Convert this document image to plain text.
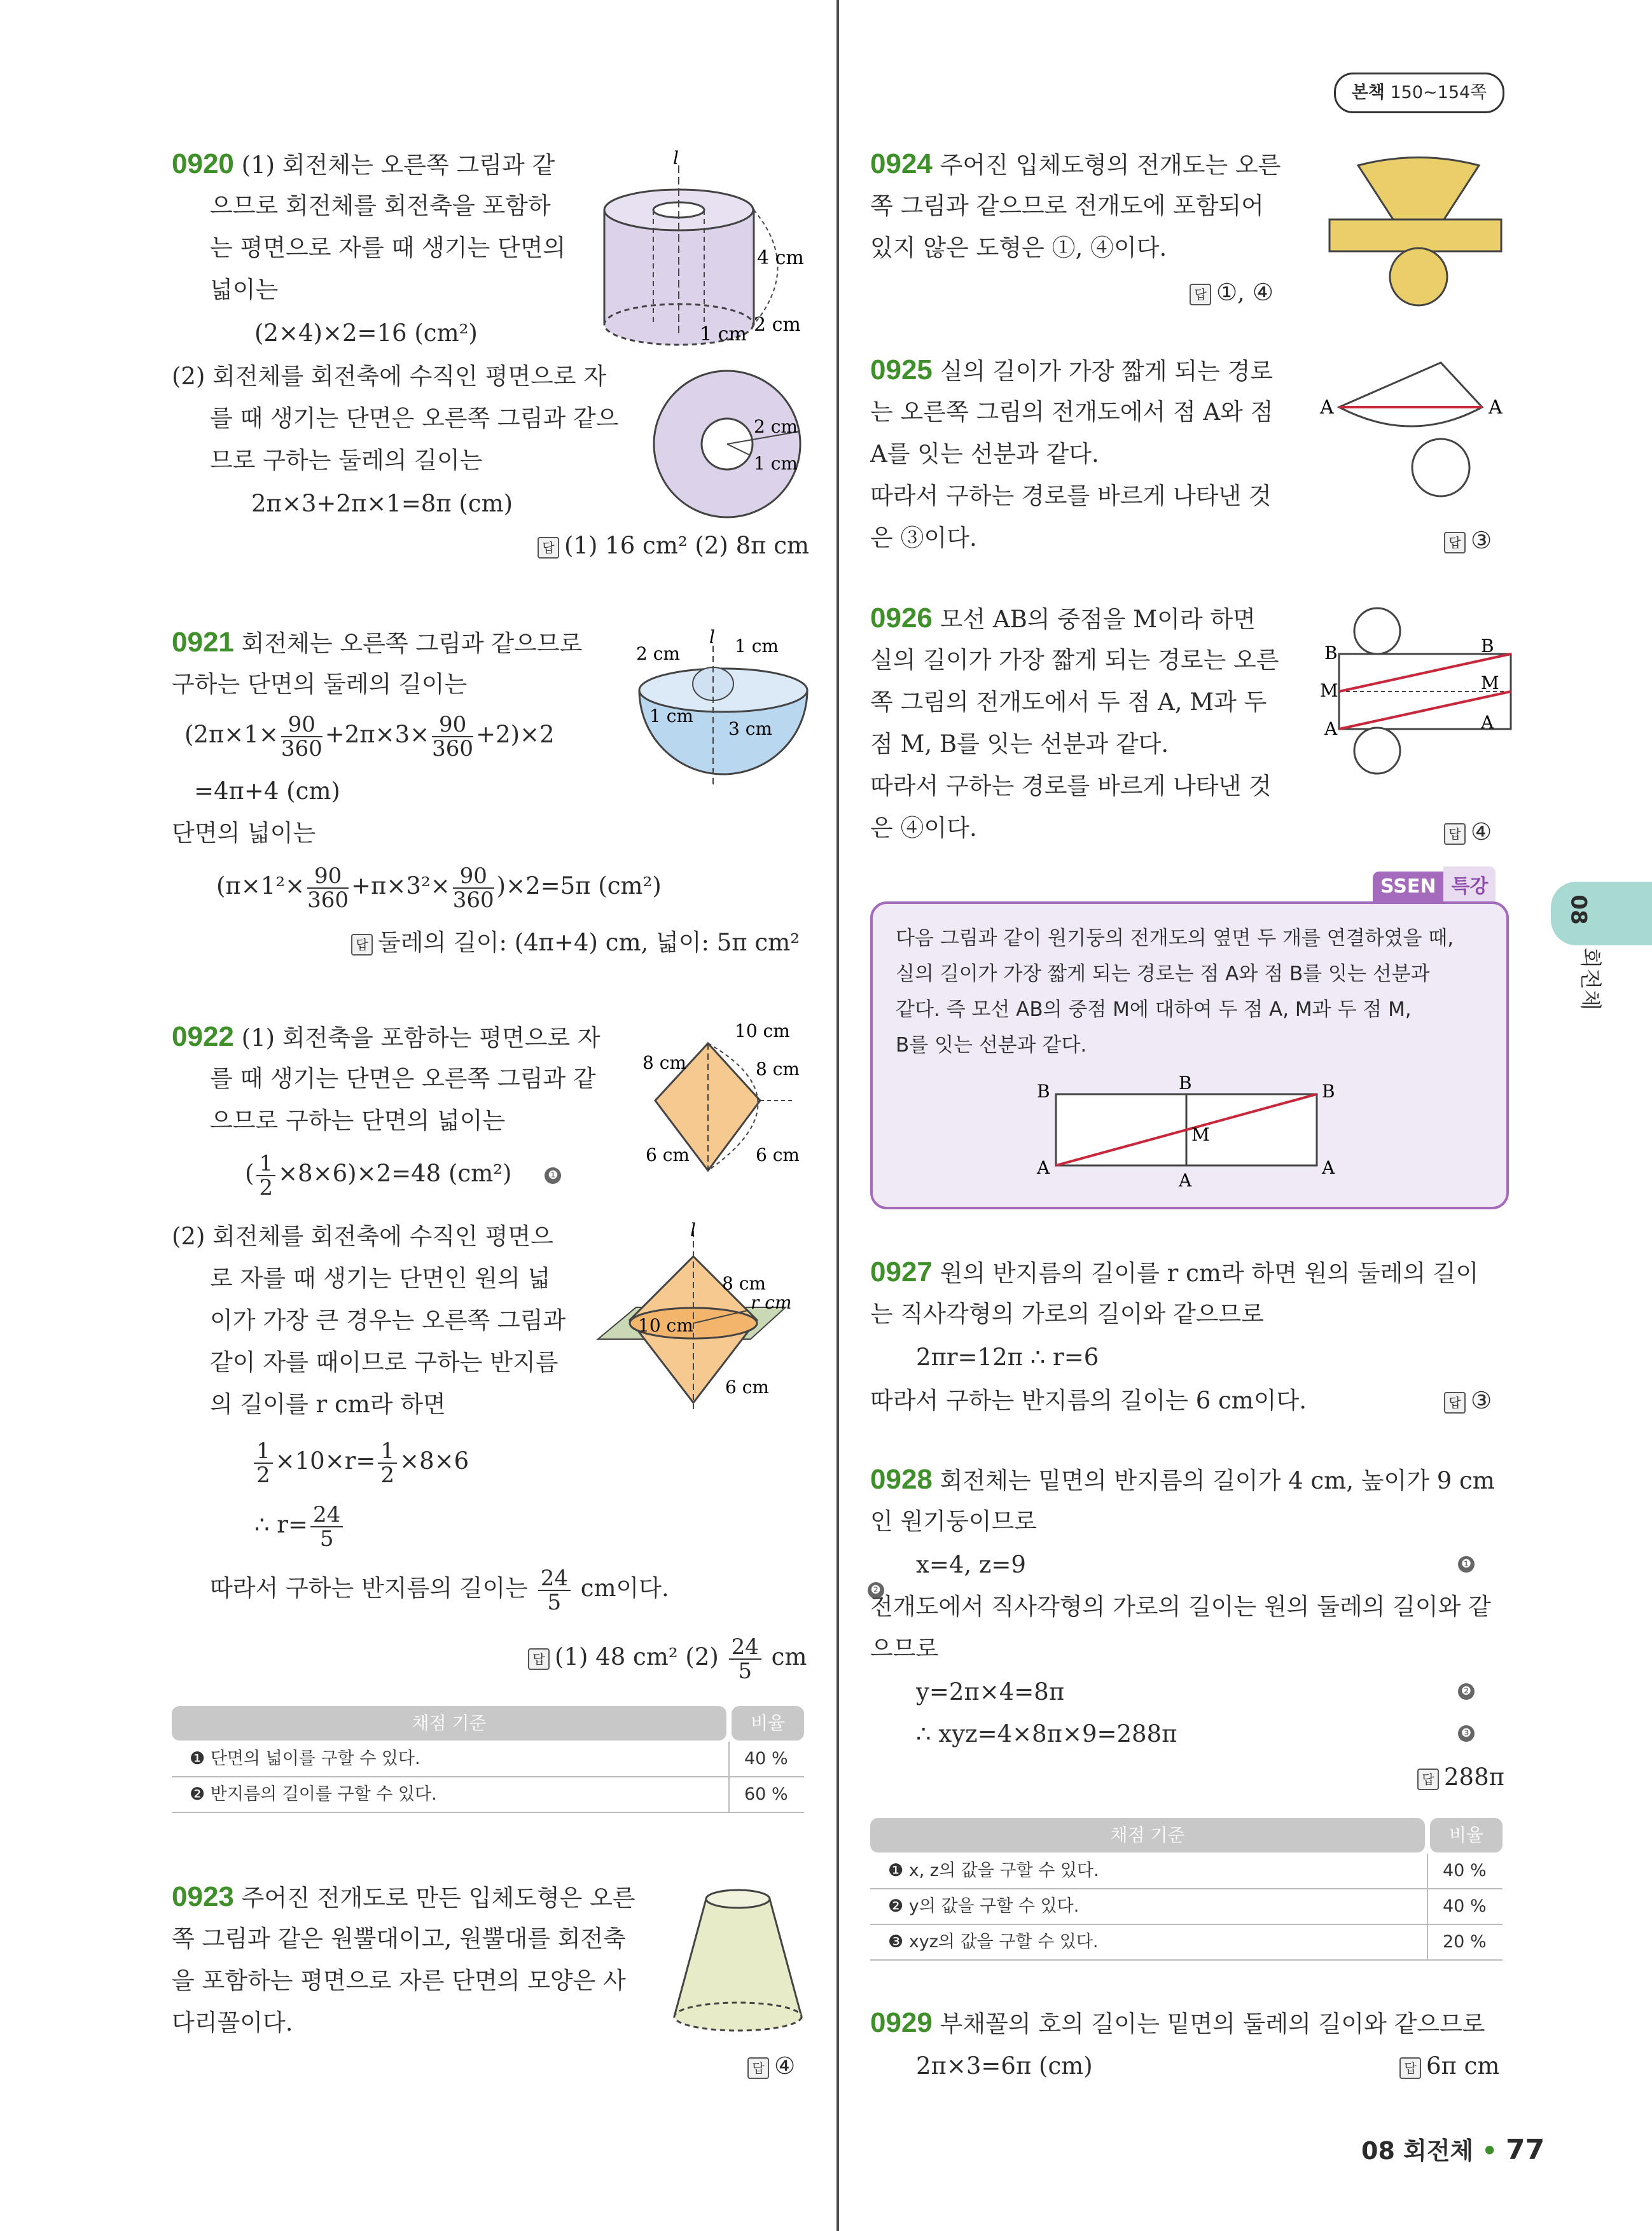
본책 150~154쪽
08
회전체
0920 (1) 회전체는 오른쪽 그림과 같
으므로 회전체를 회전축을 포함하
는 평면으로 자를 때 생기는 단면의
넓이는
(2×4)×2=16 (cm²)
(2) 회전체를 회전축에 수직인 평면으로 자
를 때 생기는 단면은 오른쪽 그림과 같으
므로 구하는 둘레의 길이는
2π×3+2π×1=8π (cm)
답 (1) 16 cm² (2) 8π cm
l
4 cm
1 cm 2 cm
2 cm
1 cm
0921 회전체는 오른쪽 그림과 같으므로
구하는 단면의 둘레의 길이는
$(2\pi\times 1\times \frac{90}{360} +2\pi\times 3\times \frac{90}{360} +2)\times 2$
=4π+4 (cm)
단면의 넓이는
$(\pi\times 1^2\times \frac{90}{360} +\pi\times 3^2\times \frac{90}{360} )\times 2=5\pi$ (cm²)
답 둘레의 길이: (4π+4) cm, 넓이: 5π cm²
l
2 cm	1 cm
1 cm
3 cm
0922 (1) 회전축을 포함하는 평면으로 자
를 때 생기는 단면은 오른쪽 그림과 같
으므로 구하는 단면의 넓이는
( $\frac{1}{2} \times 8\times 6)\times 2=48$ (cm²)	❶
(2) 회전체를 회전축에 수직인 평면으
로 자를 때 생기는 단면인 원의 넓
이가 가장 큰 경우는 오른쪽 그림과
같이 자를 때이므로 구하는 반지름
의 길이를 r cm라 하면
$\frac{1}{2} \times 10\times r= \frac{1}{2} \times 8\times 6$
∴ $r= \frac{24}{5}$
따라서 구하는 반지름의 길이는 $\frac{24}{5}$ cm이다.	❷
답 (1) 48 cm² $(2) \frac{24}{5}$ cm
10 cm
8 cm	8 cm
6 cm	6 cm
l
8 cm
r cm
10 cm
6 cm
채점 기준	비율
❶ 단면의 넓이를 구할 수 있다.	40 %
❷ 반지름의 길이를 구할 수 있다.	60 %
0923 주어진 전개도로 만든 입체도형은 오른
쪽 그림과 같은 원뿔대이고, 원뿔대를 회전축
을 포함하는 평면으로 자른 단면의 모양은 사
다리꼴이다.
답 ④
0924 주어진 입체도형의 전개도는 오른
쪽 그림과 같으므로 전개도에 포함되어
있지 않은 도형은 ①, ④이다.
답 ①, ④
0925 실의 길이가 가장 짧게 되는 경로
는 오른쪽 그림의 전개도에서 점 A와 점
A를 잇는 선분과 같다.
따라서 구하는 경로를 바르게 나타낸 것
은 ③이다.	답 ③
A	A
0926 모선 AB의 중점을 M이라 하면
실의 길이가 가장 짧게 되는 경로는 오른
쪽 그림의 전개도에서 두 점 A, M과 두
점 M, B를 잇는 선분과 같다.
따라서 구하는 경로를 바르게 나타낸 것
은 ④이다.	답 ④
B
M
A
B
M
A
SSEN 특강
다음 그림과 같이 원기둥의 전개도의 옆면 두 개를 연결하였을 때,
실의 길이가 가장 짧게 되는 경로는 점 A와 점 B를 잇는 선분과
같다. 즉 모선 AB의 중점 M에 대하여 두 점 A, M과 두 점 M,
B를 잇는 선분과 같다.
B	B	B
A
A
A
M
0927 원의 반지름의 길이를 r cm라 하면 원의 둘레의 길이
는 직사각형의 가로의 길이와 같으므로
2πr=12π ∴ r=6
따라서 구하는 반지름의 길이는 6 cm이다.	답 ③
0928 회전체는 밑면의 반지름의 길이가 4 cm, 높이가 9 cm
인 원기둥이므로
x=4, z=9	❶
전개도에서 직사각형의 가로의 길이는 원의 둘레의 길이와 같
으므로
y=2π×4=8π	❷
∴ xyz=4×8π×9=288π	❸
답 288π
채점 기준	비율
❶ x, z의 값을 구할 수 있다.	40 %
❷ y의 값을 구할 수 있다.	40 %
❸ xyz의 값을 구할 수 있다.	20 %
0929 부채꼴의 호의 길이는 밑면의 둘레의 길이와 같으므로
2π×3=6π (cm)	답 6π cm
08 회전체 • 77
